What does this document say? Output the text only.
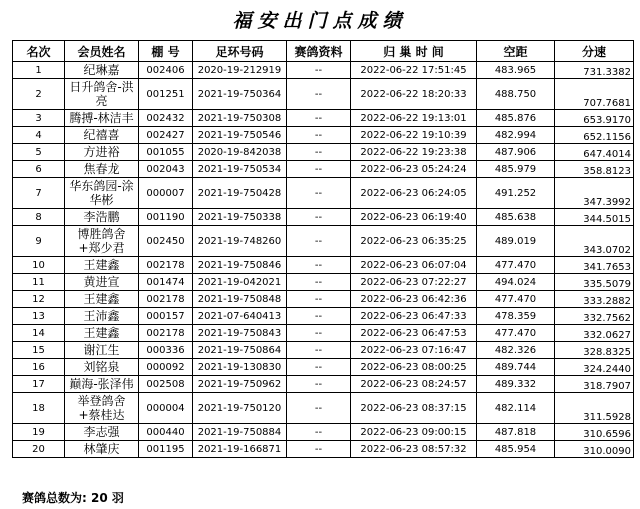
福安出门点成绩
名次	会员姓名	棚 号	足环号码	赛鸽资料	归 巢 时 间	空距	分速
1	纪琳嘉	002406	2020-19-212919	--	2022-06-22 17:51:45	483.965	731.3382
2	日升鸽舍-洪亮	001251	2021-19-750364	--	2022-06-22 18:20:33	488.750	707.7681
3	腾搏-林洁丰	002432	2021-19-750308	--	2022-06-22 19:13:01	485.876	653.9170
4	纪禧喜	002427	2021-19-750546	--	2022-06-22 19:10:39	482.994	652.1156
5	方进裕	001055	2020-19-842038	--	2022-06-22 19:23:38	487.906	647.4014
6	焦春龙	002043	2021-19-750534	--	2022-06-23 05:24:24	485.979	358.8123
7	华东鸽园-涂华彬	000007	2021-19-750428	--	2022-06-23 06:24:05	491.252	347.3992
8	李浩鹏	001190	2021-19-750338	--	2022-06-23 06:19:40	485.638	344.5015
9	博胜鸽舍+郑少君	002450	2021-19-748260	--	2022-06-23 06:35:25	489.019	343.0702
10	王建鑫	002178	2021-19-750846	--	2022-06-23 06:07:04	477.470	341.7653
11	黄进宣	001474	2021-19-042021	--	2022-06-23 07:22:27	494.024	335.5079
12	王建鑫	002178	2021-19-750848	--	2022-06-23 06:42:36	477.470	333.2882
13	王沛鑫	000157	2021-07-640413	--	2022-06-23 06:47:33	478.359	332.7562
14	王建鑫	002178	2021-19-750843	--	2022-06-23 06:47:53	477.470	332.0627
15	谢江生	000336	2021-19-750864	--	2022-06-23 07:16:47	482.326	328.8325
16	刘铭泉	000092	2021-19-130830	--	2022-06-23 08:00:25	489.744	324.2440
17	巅海-张泽伟	002508	2021-19-750962	--	2022-06-23 08:24:57	489.332	318.7907
18	举登鸽舍+蔡桂达	000004	2021-19-750120	--	2022-06-23 08:37:15	482.114	311.5928
19	李志强	000440	2021-19-750884	--	2022-06-23 09:00:15	487.818	310.6596
20	林肇庆	001195	2021-19-166871	--	2022-06-23 08:57:32	485.954	310.0090
赛鸽总数为: 20 羽
